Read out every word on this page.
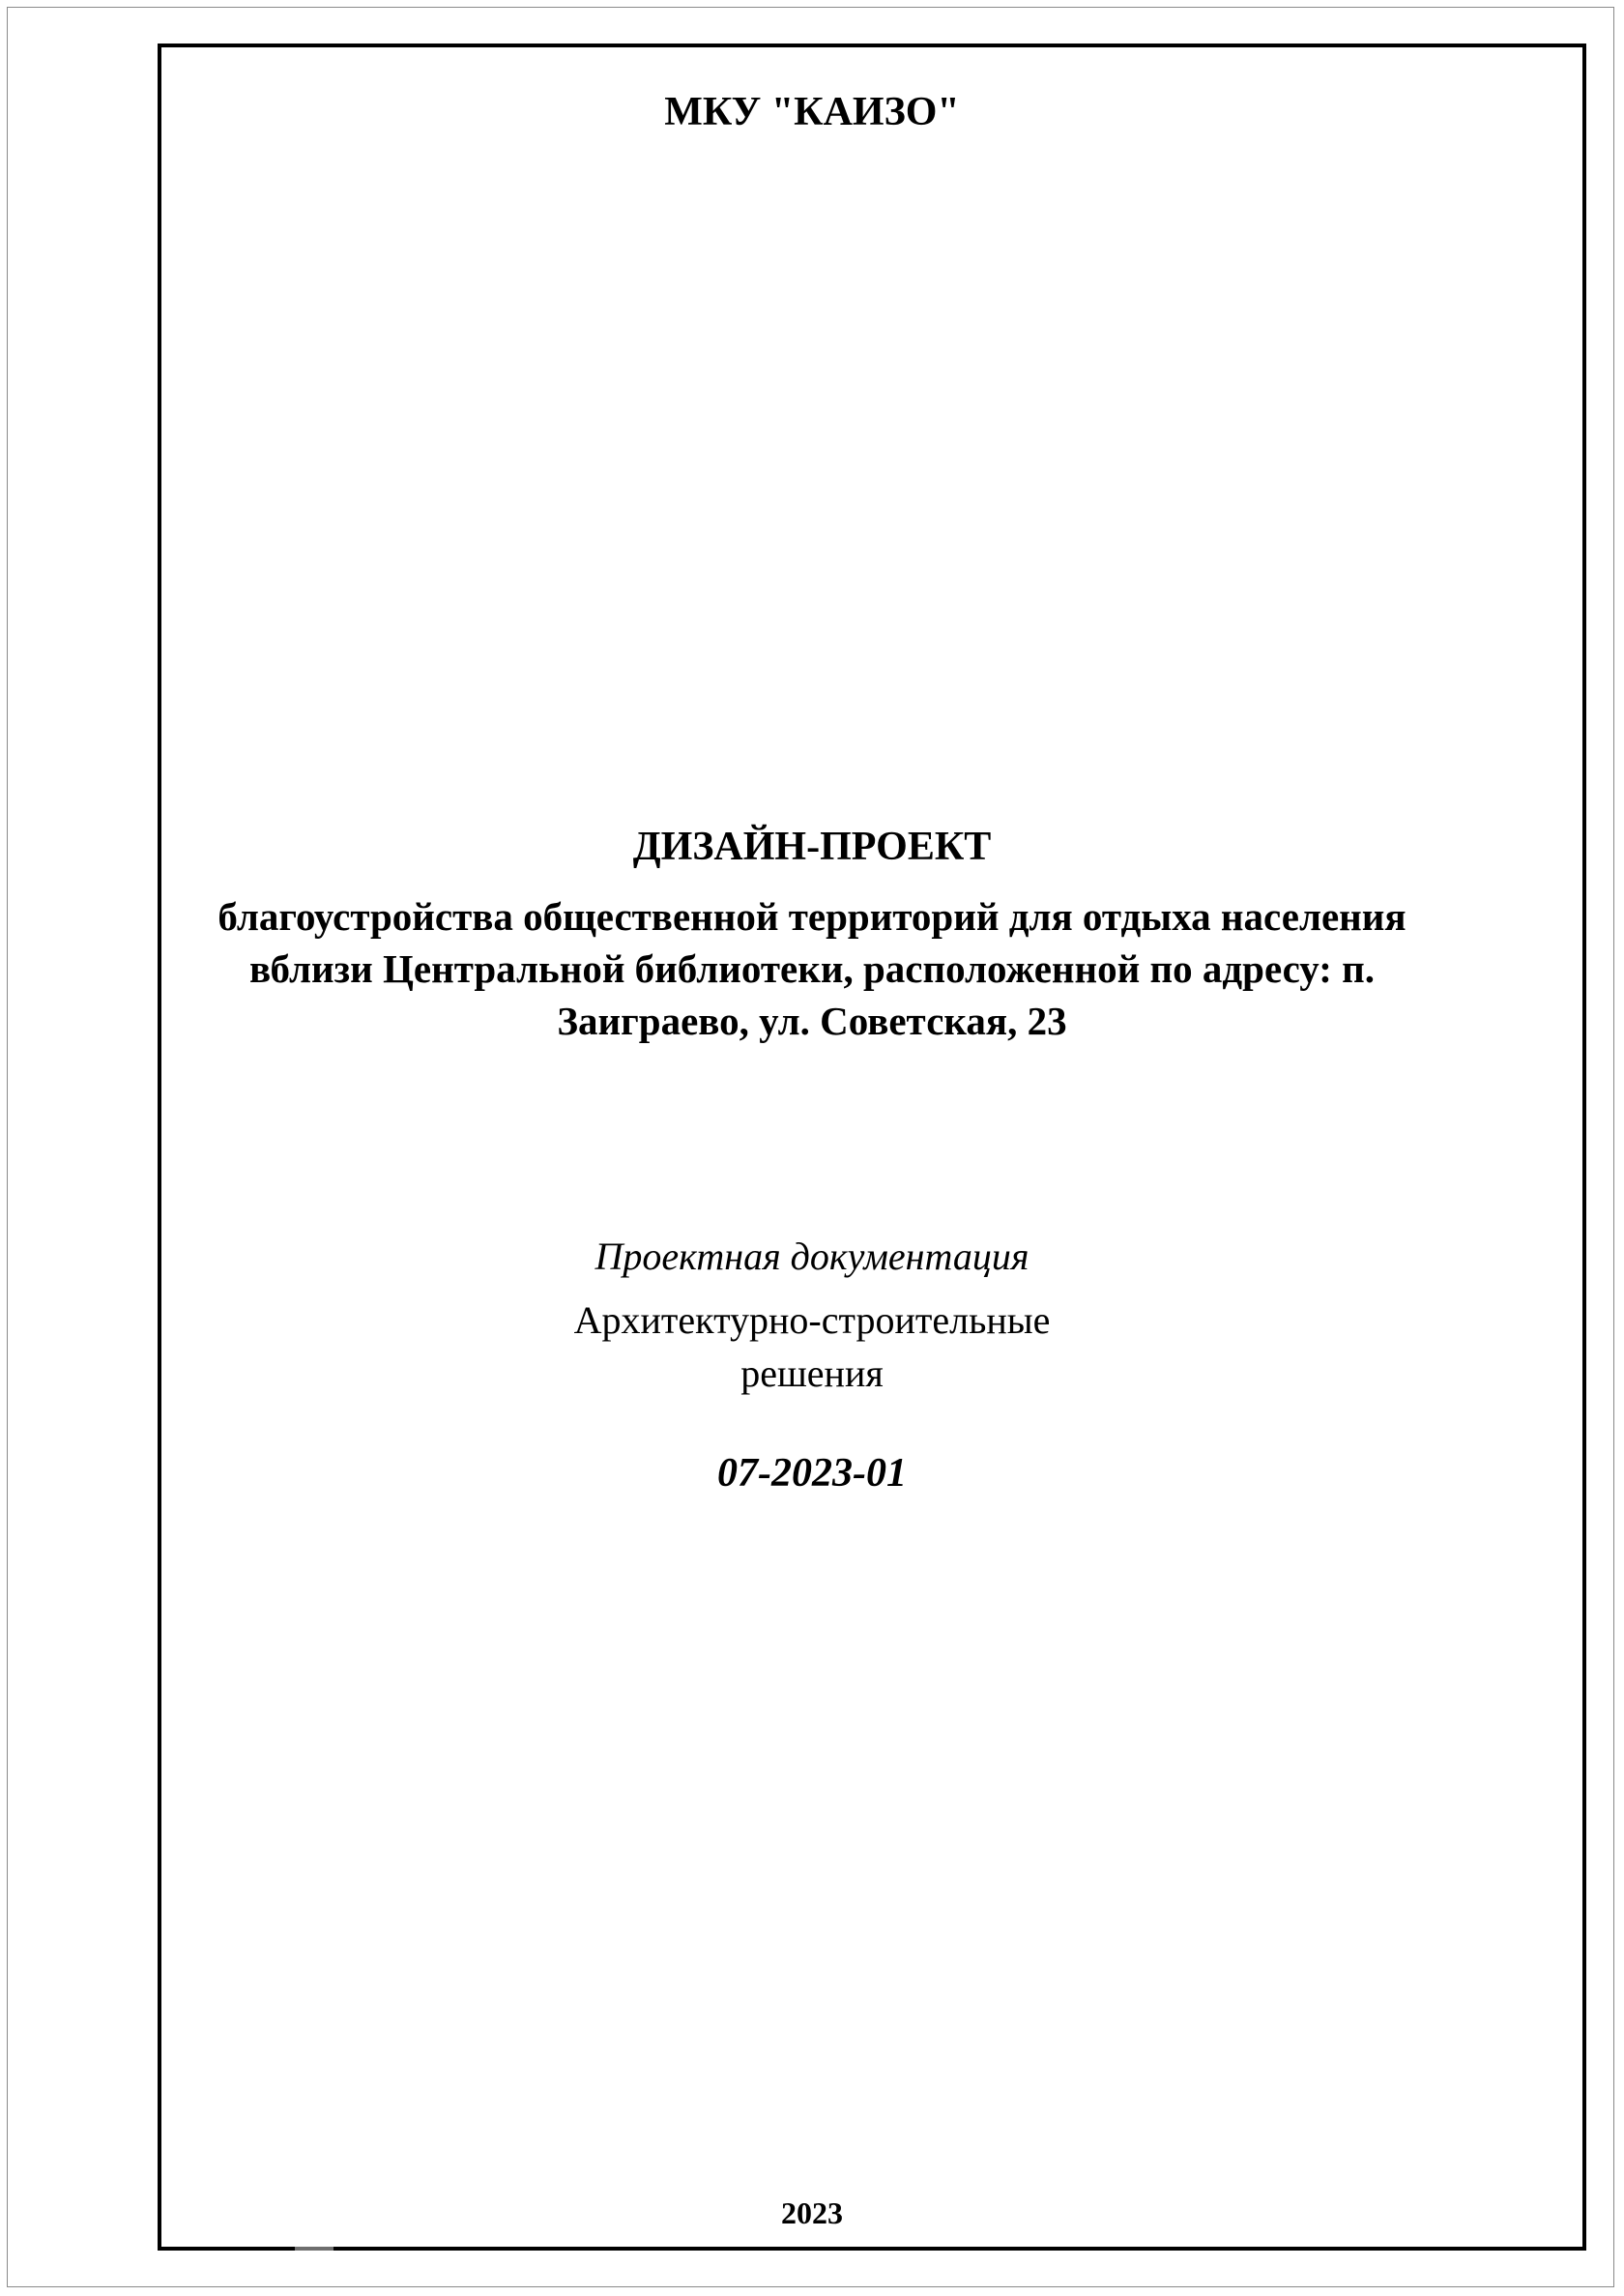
МКУ "КАИЗО"
ДИЗАЙН-ПРОЕКТ
благоустройства общественной территорий для отдыха населения
вблизи Центральной библиотеки, расположенной по адресу: п.
Заиграево, ул. Советская, 23
Проектная документация
Архитектурно-строительные
решения
07-2023-01
2023
